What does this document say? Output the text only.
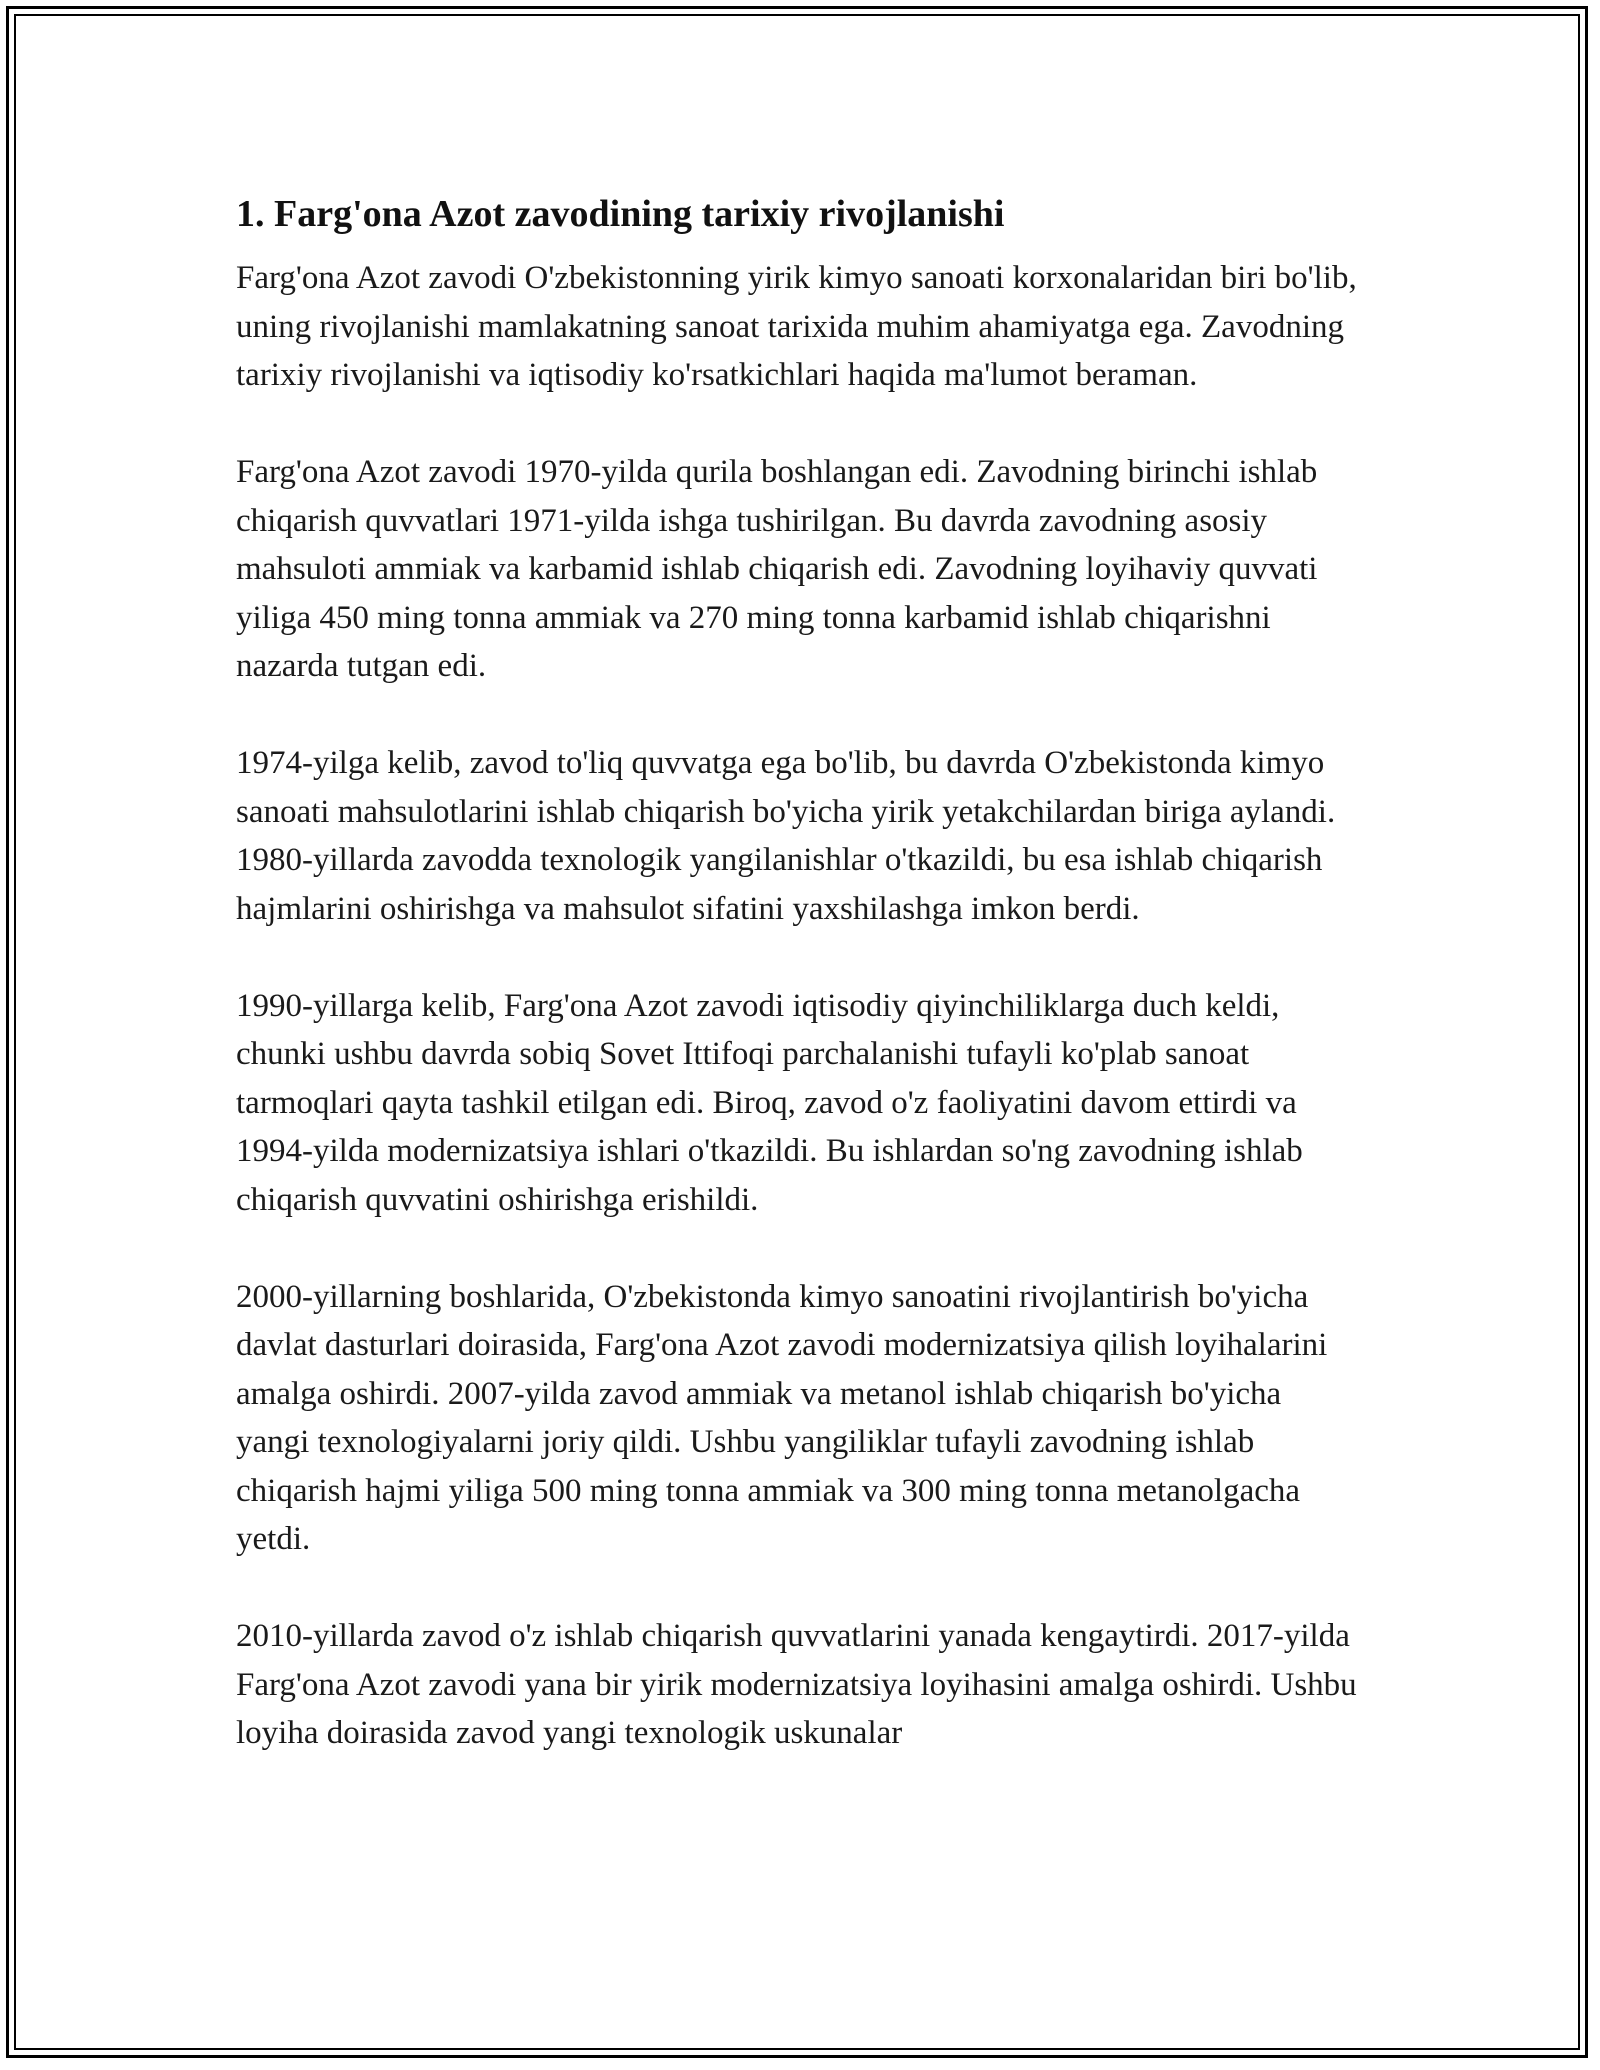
1. Farg'ona Azot zavodining tarixiy rivojlanishi

Farg'ona Azot zavodi O'zbekistonning yirik kimyo sanoati korxonalaridan biri bo'lib, uning rivojlanishi mamlakatning sanoat tarixida muhim ahamiyatga ega. Zavodning tarixiy rivojlanishi va iqtisodiy ko'rsatkichlari haqida ma'lumot beraman.

Farg'ona Azot zavodi 1970-yilda qurila boshlangan edi. Zavodning birinchi ishlab chiqarish quvvatlari 1971-yilda ishga tushirilgan. Bu davrda zavodning asosiy mahsuloti ammiak va karbamid ishlab chiqarish edi. Zavodning loyihaviy quvvati yiliga 450 ming tonna ammiak va 270 ming tonna karbamid ishlab chiqarishni nazarda tutgan edi.

1974-yilga kelib, zavod to'liq quvvatga ega bo'lib, bu davrda O'zbekistonda kimyo sanoati mahsulotlarini ishlab chiqarish bo'yicha yirik yetakchilardan biriga aylandi. 1980-yillarda zavodda texnologik yangilanishlar o'tkazildi, bu esa ishlab chiqarish hajmlarini oshirishga va mahsulot sifatini yaxshilashga imkon berdi.

1990-yillarga kelib, Farg'ona Azot zavodi iqtisodiy qiyinchiliklarga duch keldi, chunki ushbu davrda sobiq Sovet Ittifoqi parchalanishi tufayli ko'plab sanoat tarmoqlari qayta tashkil etilgan edi. Biroq, zavod o'z faoliyatini davom ettirdi va 1994-yilda modernizatsiya ishlari o'tkazildi. Bu ishlardan so'ng zavodning ishlab chiqarish quvvatini oshirishga erishildi.

2000-yillarning boshlarida, O'zbekistonda kimyo sanoatini rivojlantirish bo'yicha davlat dasturlari doirasida, Farg'ona Azot zavodi modernizatsiya qilish loyihalarini amalga oshirdi. 2007-yilda zavod ammiak va metanol ishlab chiqarish bo'yicha yangi texnologiyalarni joriy qildi. Ushbu yangiliklar tufayli zavodning ishlab chiqarish hajmi yiliga 500 ming tonna ammiak va 300 ming tonna metanolgacha yetdi.

2010-yillarda zavod o'z ishlab chiqarish quvvatlarini yanada kengaytirdi. 2017-yilda Farg'ona Azot zavodi yana bir yirik modernizatsiya loyihasini amalga oshirdi. Ushbu loyiha doirasida zavod yangi texnologik uskunalar
